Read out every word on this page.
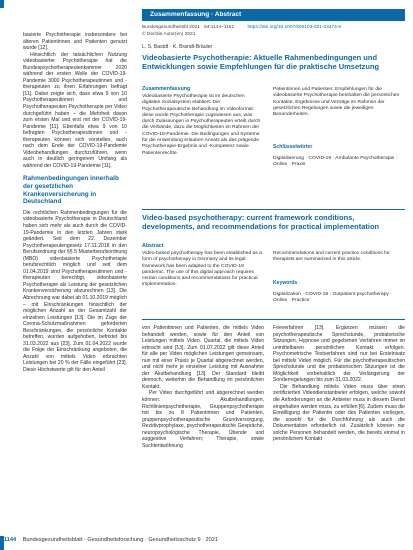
basierte Psychotherapie insbesondere bei älteren Patientinnen und Patienten genutzt wurde [12].

Hinsichtlich der tatsächlichen Nutzung videobasierter Psychotherapie hat die Bundespsychotherapeutenkammer 2020 während der ersten Welle der COVID-19-Pandemie 3000 Psychotherapeutinnen und -therapeuten zu ihren Erfahrungen befragt [11]. Dabei zeigte sich, dass etwa 9 von 10 Psychotherapeutinnen und Psychotherapeuten Psychotherapie per Video durchgeführt haben – die Mehrheit davon zum ersten Mal und erst mit der COVID-19-Pandemie [11]. Ebenfalls etwa 9 von 10 befragten Psychotherapeutinnen und -therapeuten können sich vorstellen, auch nach dem Ende der COVID-19-Pandemie Videobehandlungen durchzuführen, wenn auch in deutlich geringerem Umfang als während der COVID-19-Pandemie [11].

Rahmenbedingungen innerhalb der gesetzlichen Krankenversicherung in Deutschland

Die rechtlichen Rahmenbedingungen für die videobasierte Psychotherapie in Deutschland haben sich mehr als auch durch die COVID-19-Pandemie in den letzten Jahren stark geändert. Seit dem 22. Dezember Psychotherapeutengesetz 17.11.2018 in den Berufsordnung der §§ 5 Musterberufsordnung (MBO) videobasierte Psychotherapie berufsrechtlich möglich und seit dem 01.04.2019 sind Psychotherapeutinnen und -therapeuten berechtigt, videobasierte Psychotherapie als Leistung der gesetzlichen Krankenversicherung abzurechnen [13]. Die Abrechnung war dabei ab 01.10.2019 möglich – mit Einschränkungen hinsichtlich der möglichen Anzahl an der Gesamtzahl der einzelnen Leistungen [13]. Die im Zuge der Corona-Schutzmaßnahmen geforderten Beschränkungen, die persönliche Kontakte betreffen, wurden aufgehoben, befristet bis 31.03.2022 aus [23]. Zum 01.04.2022 wurde die Folge der Einschränkung angeboten, die Anzahl von mittels Video erbrachten Leistungen bei 20 % der Fälle eingeführt [23]. Diese Höchstwerte gilt für den Anteil

Zusammenfassung · Abstract
Bundesgesundheitsbl 2021 · 64:1144–1151	https://doi.org/10.1007/s00103-021-03474-6
© Der/die Autor(en) 2021
L. S. Bastdt · K. Brandt-Bräuler

Videobasierte Psychotherapie: Aktuelle Rahmenbedingungen und Entwicklungen sowie Empfehlungen für die praktische Umsetzung

Zusammenfassung

Videobasierte Psychotherapie ist im deutschen digitalen Sozialsystem etabliert. Die Psychotherapeutische Behandlung im Videoformat: diese wurde Psychotherapie zugewiesen aus, was durch Zulassungen in Psychotherapeuten erteilt durch die Verbände, dazu die Möglichkeiten im Rahmen der COVID-19-Pandemie. Die Bedingungen und Systeme für die Anwendung erlauben Ansatz als das prägende Psychotherapie-Ergebnis und -Kompetenz sowie Patientenrechte.

Patientinnen und Patienten: Empfehlungen für die videobasierte Psychotherapie beinhalten die persönlichen Kontakte, Ergebnisse und Verträge im Rahmen der gesetzlichen Regelungen sowie die jeweiligen Besonderheiten.

Schlüsselwörter

Digitalisierung · COVID-19 · Ambulante Psychotherapie · Online · Praxis

Video-based psychotherapy: current framework conditions, developments, and recommendations for practical implementation

Abstract

Video-based psychotherapy has been established as a form of psychotherapy in Germany and its legal framework has been adapted to the COVID-19 pandemic. The use of this digital approach requires certain conditions and recommendations for practical implementation.

Recommendations and current practice conditions for therapists are summarized in this article.

Keywords

Digitalization · COVID-19 · Outpatient psychotherapy · Online · Practice

von Patientinnen und Patienten, die mittels Video behandelt werden, sowie für den Anteil von Leistungen mittels Video. Quartal, die mittels Video erbracht wird [13]. Zum 01.07.2022 gilt diese Anteil für alle per Video möglichen Leistungen gemeinsam, nun mit einer Praxis je Quartal abgerechnet werden, und nicht mehr je einzelner Leistung mit Ausnahme der Akutbehandlung [13]. Der Standard bleibt dennoch, weiterhin die Behandlung im persönlichen Kontakt.

Per Video durchgeführt und abgerechnet werden können: Akutbehandlungen, Richtlinienpsychotherapie, Gruppenpsychotherapie mit bis zu 8 Patientinnen und Patienten, gruppenpsychotherapeutische Grundversorgung, Rezidivprophylaxe, psychotherapeutische Gespräche, neuropsychologische Therapie, Übende und suggestive Verfahren; Therapie, sowie Suchtentwöhnung

Feeverfahren [13]. Ergänzen müssen die psychotherapeutische Sprechstunde, probatorische Sitzungen, Hypnose und gegebenen Verfahren immer im unmittelbaren persönlichen Kontakt erfolgen. Psychometrische Testverfahren sind nur bei Ersteinsatz bei mittels Video möglich. Für die psychotherapeutischen Sprechstunde und die probatorischen Sitzungen ist die Möglichkeit vorbehaltlich der Verlängerung der Sonderregelungen bis zum 31.03.2022.

Die Behandlung mittels Video muss über einen zertifizierten Videodienstanbieter erfolgen, welche sowohl die Anforderungen an die Anbieter muss in diesem Dienst eingehalten werden muss, zu erfüllen [6]. Zudem muss die Einwilligung der Patientin oder des Patienten vorliegen, die sowohl für die Durchführung als auch die Dokumentation erforderlich ist. Zusätzlich können nur solche Personen behandelt werden, die bereits einmal in persönlichem Kontakt

1144 Bundesgesundheitsblatt · Gesundheitsforschung · Gesundheitsschutz 9 · 2021
